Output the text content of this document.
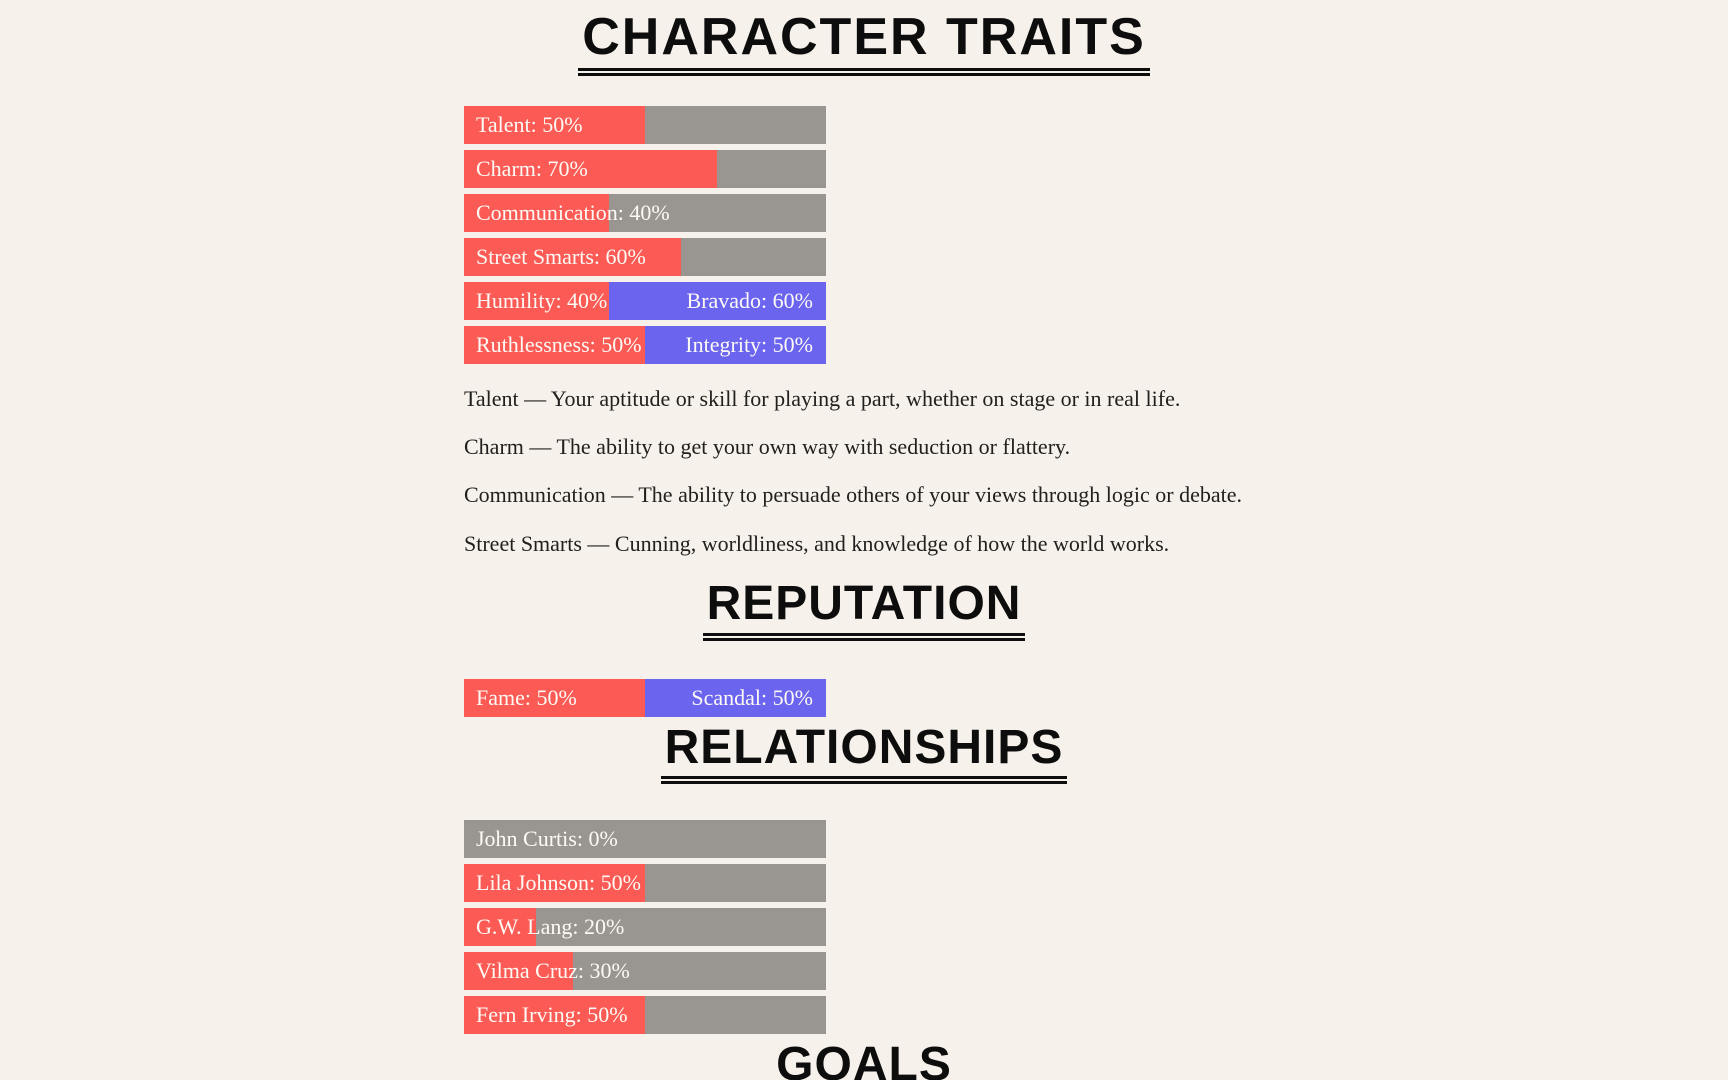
CHARACTER TRAITS
Talent: 50%
Charm: 70%
Communication: 40%
Street Smarts: 60%
Humility: 40%	Bravado: 60%
Ruthlessness: 50% Integrity: 50%

Talent — Your aptitude or skill for playing a part, whether on stage or in real life.

Charm — The ability to get your own way with seduction or flattery.

Communication — The ability to persuade others of your views through logic or debate.

Street Smarts — Cunning, worldliness, and knowledge of how the world works.

REPUTATION
Fame: 50%	Scandal: 50%
RELATIONSHIPS
John Curtis: 0%
Lila Johnson: 50%
G.W. Lang: 20%
Vilma Cruz: 30%
Fern Irving: 50%
GOALS
